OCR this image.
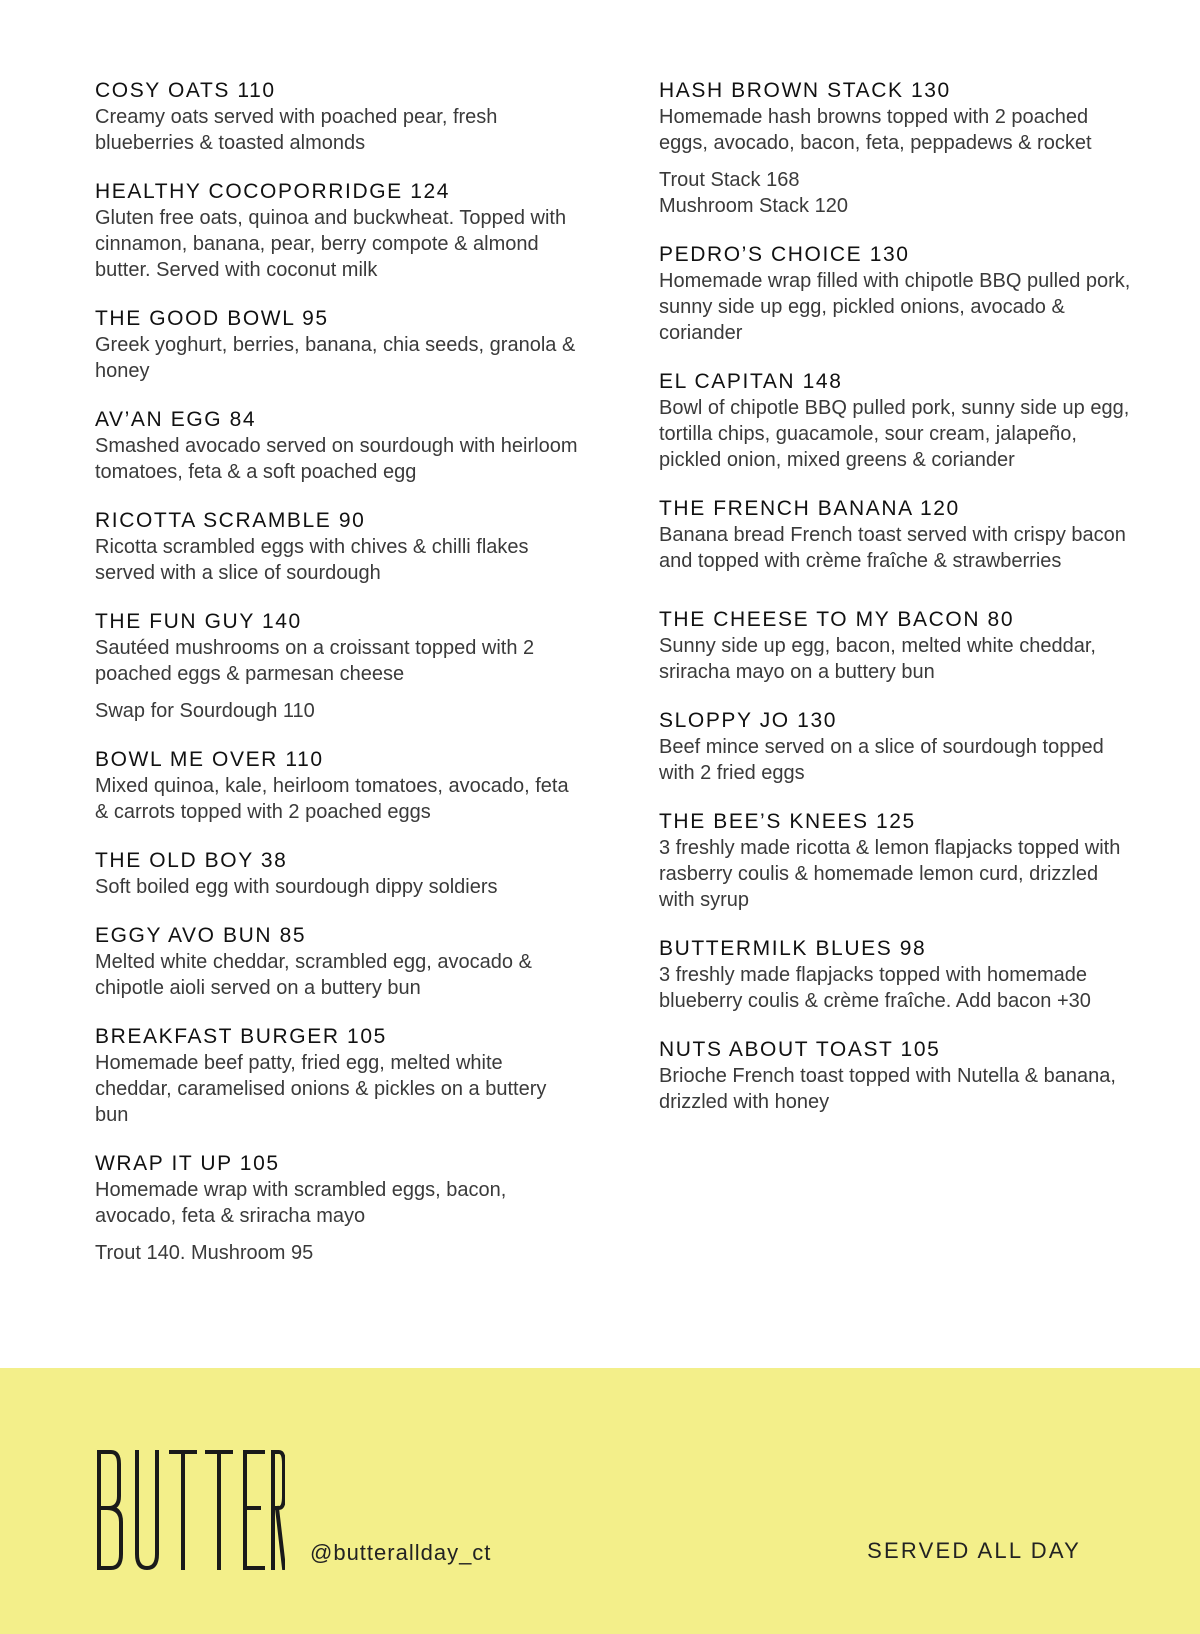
COSY OATS 110

Creamy oats served with poached pear, fresh blueberries & toasted almonds

HEALTHY COCOPORRIDGE 124

Gluten free oats, quinoa and buckwheat. Topped with cinnamon, banana, pear, berry compote & almond butter. Served with coconut milk

THE GOOD BOWL 95

Greek yoghurt, berries, banana, chia seeds, granola & honey

AV’AN EGG 84

Smashed avocado served on sourdough with heirloom tomatoes, feta & a soft poached egg

RICOTTA SCRAMBLE 90

Ricotta scrambled eggs with chives & chilli flakes served with a slice of sourdough

THE FUN GUY 140

Sautéed mushrooms on a croissant topped with 2 poached eggs & parmesan cheese

Swap for Sourdough 110

BOWL ME OVER 110

Mixed quinoa, kale, heirloom tomatoes, avocado, feta & carrots topped with 2 poached eggs

THE OLD BOY 38

Soft boiled egg with sourdough dippy soldiers

EGGY AVO BUN 85

Melted white cheddar, scrambled egg, avocado & chipotle aioli served on a buttery bun

BREAKFAST BURGER 105

Homemade beef patty, fried egg, melted white cheddar, caramelised onions & pickles on a buttery bun

WRAP IT UP 105

Homemade wrap with scrambled eggs, bacon, avocado, feta & sriracha mayo

Trout 140. Mushroom 95

HASH BROWN STACK 130

Homemade hash browns topped with 2 poached eggs, avocado, bacon, feta, peppadews & rocket

Trout Stack 168

Mushroom Stack 120

PEDRO’S CHOICE 130

Homemade wrap filled with chipotle BBQ pulled pork, sunny side up egg, pickled onions, avocado & coriander

EL CAPITAN 148

Bowl of chipotle BBQ pulled pork, sunny side up egg, tortilla chips, guacamole, sour cream, jalapeño, pickled onion, mixed greens & coriander

THE FRENCH BANANA 120

Banana bread French toast served with crispy bacon and topped with crème fraîche & strawberries

THE CHEESE TO MY BACON 80

Sunny side up egg, bacon, melted white cheddar, sriracha mayo on a buttery bun

SLOPPY JO 130

Beef mince served on a slice of sourdough topped with 2 fried eggs

THE BEE’S KNEES 125

3 freshly made ricotta & lemon flapjacks topped with rasberry coulis & homemade lemon curd, drizzled with syrup

BUTTERMILK BLUES 98

3 freshly made flapjacks topped with homemade blueberry coulis & crème fraîche. Add bacon +30

NUTS ABOUT TOAST 105

Brioche French toast topped with Nutella & banana, drizzled with honey

@butterallday_ct	SERVED ALL DAY
